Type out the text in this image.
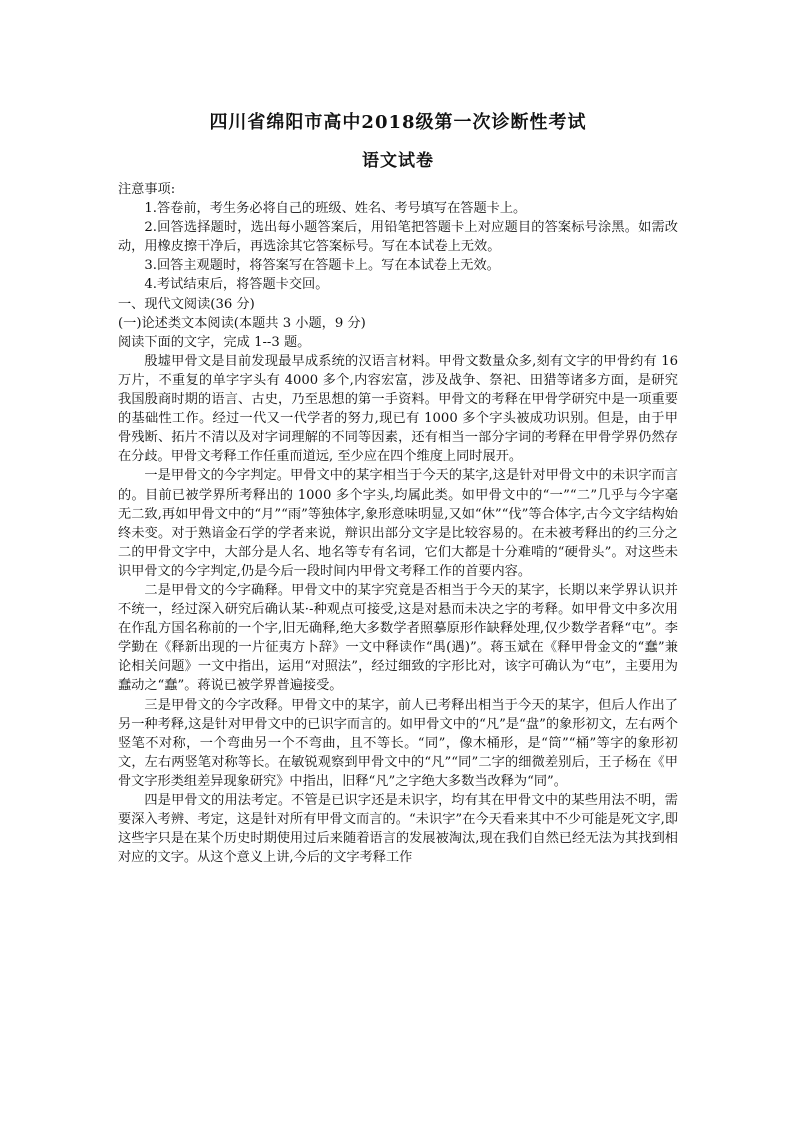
四川省绵阳市高中2018级第一次诊断性考试
语文试卷

注意事项:

1.答卷前，考生务必将自己的班级、姓名、考号填写在答题卡上。

2.回答选择题时，选出每小题答案后，用铅笔把答题卡上对应题目的答案标号涂黑。如需改动，用橡皮擦干净后，再选涂其它答案标号。写在本试卷上无效。

3.回答主观题时，将答案写在答题卡上。写在本试卷上无效。

4.考试结束后，将答题卡交回。

一、现代文阅读(36 分)

(一)论述类文本阅读(本题共 3 小题，9 分)

阅读下面的文字，完成 1--3 题。

殷墟甲骨文是目前发现最早成系统的汉语言材料。甲骨文数量众多,刻有文字的甲骨约有 16 万片，不重复的单字字头有 4000 多个,内容宏富，涉及战争、祭祀、田猎等诸多方面，是研究我国殷商时期的语言、古史，乃至思想的第一手资料。甲骨文的考释在甲骨学研究中是一项重要的基础性工作。经过一代又一代学者的努力,现已有 1000 多个字头被成功识别。但是，由于甲骨残断、拓片不清以及对字词理解的不同等因素，还有相当一部分字词的考释在甲骨学界仍然存在分歧。甲骨文考释工作任重而道远, 至少应在四个维度上同时展开。

一是甲骨文的今字判定。甲骨文中的某字相当于今天的某字,这是针对甲骨文中的未识字而言的。目前已被学界所考释出的 1000 多个字头,均属此类。如甲骨文中的“一”“二”几乎与今字毫无二致,再如甲骨文中的“月”“雨”等独体字,象形意味明显,又如“休”“伐”等合体字,古今文字结构始终未变。对于熟谙金石学的学者来说，辩识出部分文字是比较容易的。在未被考释出的约三分之二的甲骨文字中，大部分是人名、地名等专有名词，它们大都是十分难啃的“硬骨头”。对这些未识甲骨文的今字判定,仍是今后一段时间内甲骨文考释工作的首要内容。

二是甲骨文的今字确释。甲骨文中的某字究竟是否相当于今天的某字，长期以来学界认识并不统一，经过深入研究后确认某·-种观点可接受,这是对悬而未决之字的考释。如甲骨文中多次用在作乱方国名称前的一个字,旧无确释,绝大多数学者照摹原形作缺释处理,仅少数学者释“屯”。李学勤在《释新出现的一片征夷方卜辞》一文中释读作“禺(遇)”。蒋玉斌在《释甲骨金文的“蠢”兼论相关问题》一文中指出，运用“对照法”，经过细致的字形比对，该字可确认为“屯”，主要用为蠢动之“蠢”。蒋说已被学界普遍接受。

三是甲骨文的今字改释。甲骨文中的某字，前人已考释出相当于今天的某字，但后人作出了另一种考释,这是针对甲骨文中的已识字而言的。如甲骨文中的“凡”是“盘”的象形初文，左右两个竖笔不对称，一个弯曲另一个不弯曲，且不等长。“同”，像木桶形，是“筒”“桶”等字的象形初文，左右两竖笔对称等长。在敏锐观察到甲骨文中的“凡”“同”二字的细微差别后，王子杨在《甲骨文字形类组差异现象研究》中指出，旧释“凡”之字绝大多数当改释为“同”。

四是甲骨文的用法考定。不管是已识字还是未识字，均有其在甲骨文中的某些用法不明，需要深入考辨、考定，这是针对所有甲骨文而言的。“未识字”在今天看来其中不少可能是死文字,即这些字只是在某个历史时期使用过后来随着语言的发展被淘汰,现在我们自然已经无法为其找到相对应的文字。从这个意义上讲,今后的文字考释工作
